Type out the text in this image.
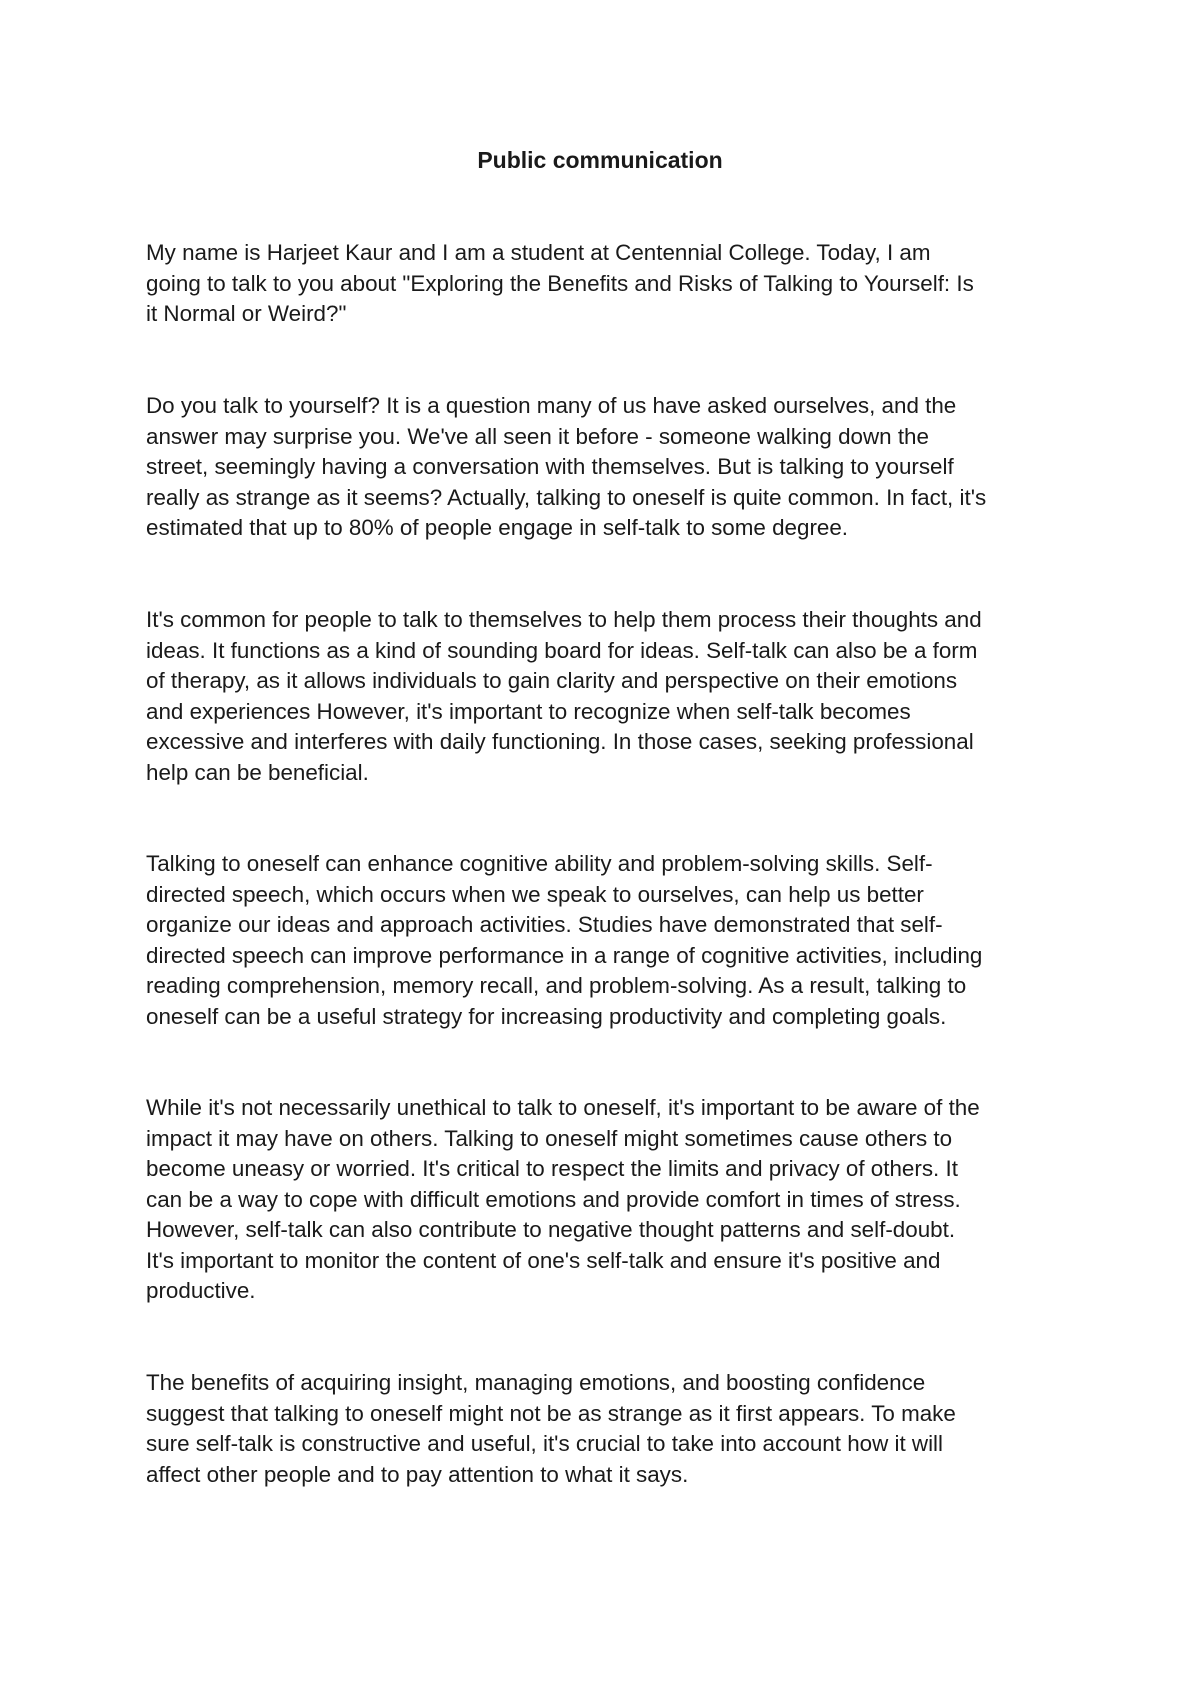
Public communication

My name is Harjeet Kaur and I am a student at Centennial College. Today, I am
going to talk to you about "Exploring the Benefits and Risks of Talking to Yourself: Is
it Normal or Weird?"

Do you talk to yourself? It is a question many of us have asked ourselves, and the
answer may surprise you. We've all seen it before - someone walking down the
street, seemingly having a conversation with themselves. But is talking to yourself
really as strange as it seems? Actually, talking to oneself is quite common. In fact, it's
estimated that up to 80% of people engage in self-talk to some degree.

It's common for people to talk to themselves to help them process their thoughts and
ideas. It functions as a kind of sounding board for ideas. Self-talk can also be a form
of therapy, as it allows individuals to gain clarity and perspective on their emotions
and experiences However, it's important to recognize when self-talk becomes
excessive and interferes with daily functioning. In those cases, seeking professional
help can be beneficial.

Talking to oneself can enhance cognitive ability and problem-solving skills. Self-
directed speech, which occurs when we speak to ourselves, can help us better
organize our ideas and approach activities. Studies have demonstrated that self-
directed speech can improve performance in a range of cognitive activities, including
reading comprehension, memory recall, and problem-solving. As a result, talking to
oneself can be a useful strategy for increasing productivity and completing goals.

While it's not necessarily unethical to talk to oneself, it's important to be aware of the
impact it may have on others. Talking to oneself might sometimes cause others to
become uneasy or worried. It's critical to respect the limits and privacy of others. It
can be a way to cope with difficult emotions and provide comfort in times of stress.
However, self-talk can also contribute to negative thought patterns and self-doubt.
It's important to monitor the content of one's self-talk and ensure it's positive and
productive.

The benefits of acquiring insight, managing emotions, and boosting confidence
suggest that talking to oneself might not be as strange as it first appears. To make
sure self-talk is constructive and useful, it's crucial to take into account how it will
affect other people and to pay attention to what it says.
